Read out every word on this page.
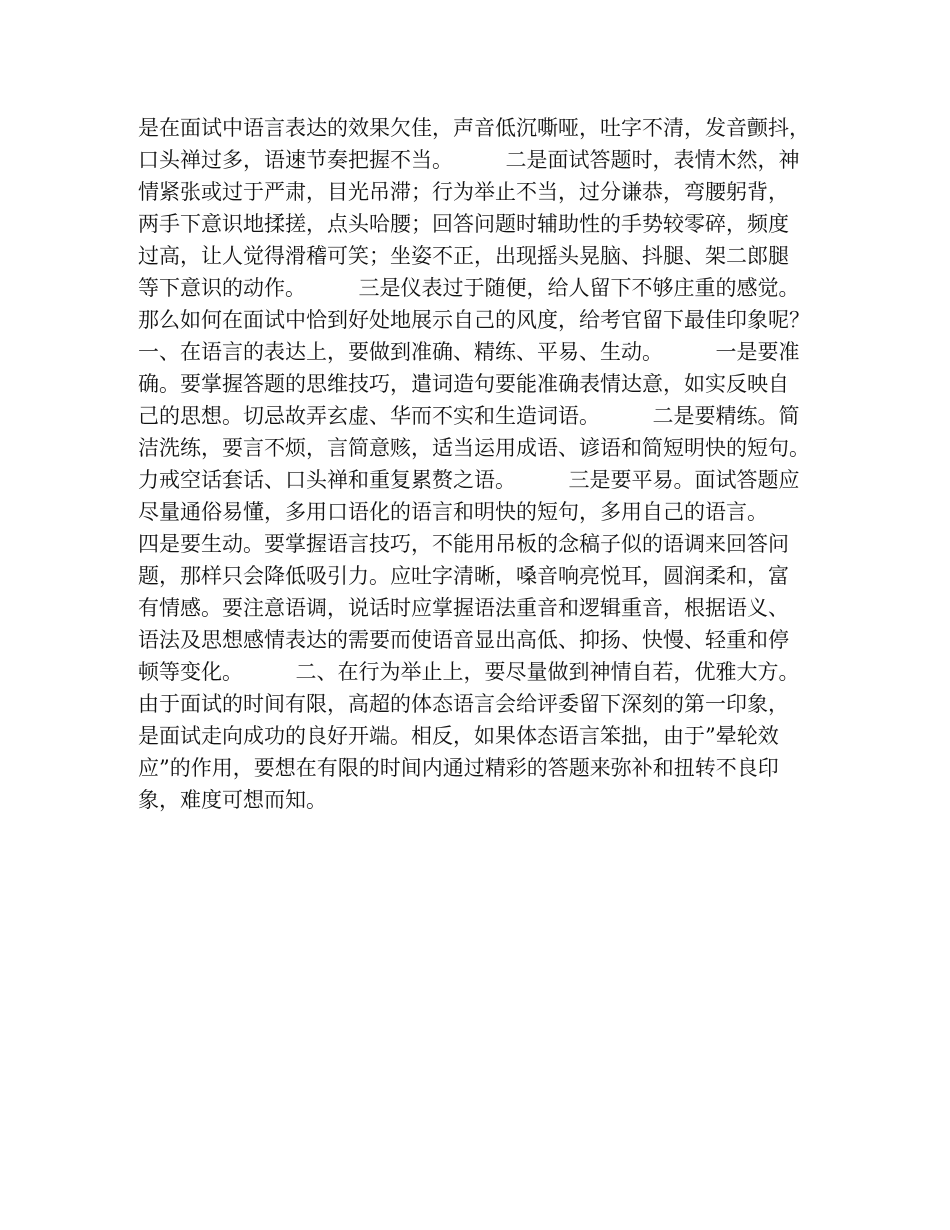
是在面试中语言表达的效果欠佳，声音低沉嘶哑，吐字不清，发音颤抖，
口头禅过多，语速节奏把握不当。　　　二是面试答题时，表情木然，神
情紧张或过于严肃，目光吊滞；行为举止不当，过分谦恭，弯腰躬背，
两手下意识地揉搓，点头哈腰；回答问题时辅助性的手势较零碎，频度
过高，让人觉得滑稽可笑；坐姿不正，出现摇头晃脑、抖腿、架二郎腿
等下意识的动作。　　　三是仪表过于随便，给人留下不够庄重的感觉。
那么如何在面试中恰到好处地展示自己的风度，给考官留下最佳印象呢？
一、在语言的表达上，要做到准确、精练、平易、生动。　　　一是要准
确。要掌握答题的思维技巧，遣词造句要能准确表情达意，如实反映自
己的思想。切忌故弄玄虚、华而不实和生造词语。　　　二是要精练。简
洁洗练，要言不烦，言简意赅，适当运用成语、谚语和简短明快的短句。
力戒空话套话、口头禅和重复累赘之语。　　　三是要平易。面试答题应
尽量通俗易懂，多用口语化的语言和明快的短句，多用自己的语言。
四是要生动。要掌握语言技巧，不能用吊板的念稿子似的语调来回答问
题，那样只会降低吸引力。应吐字清晰，嗓音响亮悦耳，圆润柔和，富
有情感。要注意语调，说话时应掌握语法重音和逻辑重音，根据语义、
语法及思想感情表达的需要而使语音显出高低、抑扬、快慢、轻重和停
顿等变化。　　　二、在行为举止上，要尽量做到神情自若，优雅大方。
由于面试的时间有限，高超的体态语言会给评委留下深刻的第一印象，
是面试走向成功的良好开端。相反，如果体态语言笨拙，由于”晕轮效
应”的作用，要想在有限的时间内通过精彩的答题来弥补和扭转不良印
象，难度可想而知。
